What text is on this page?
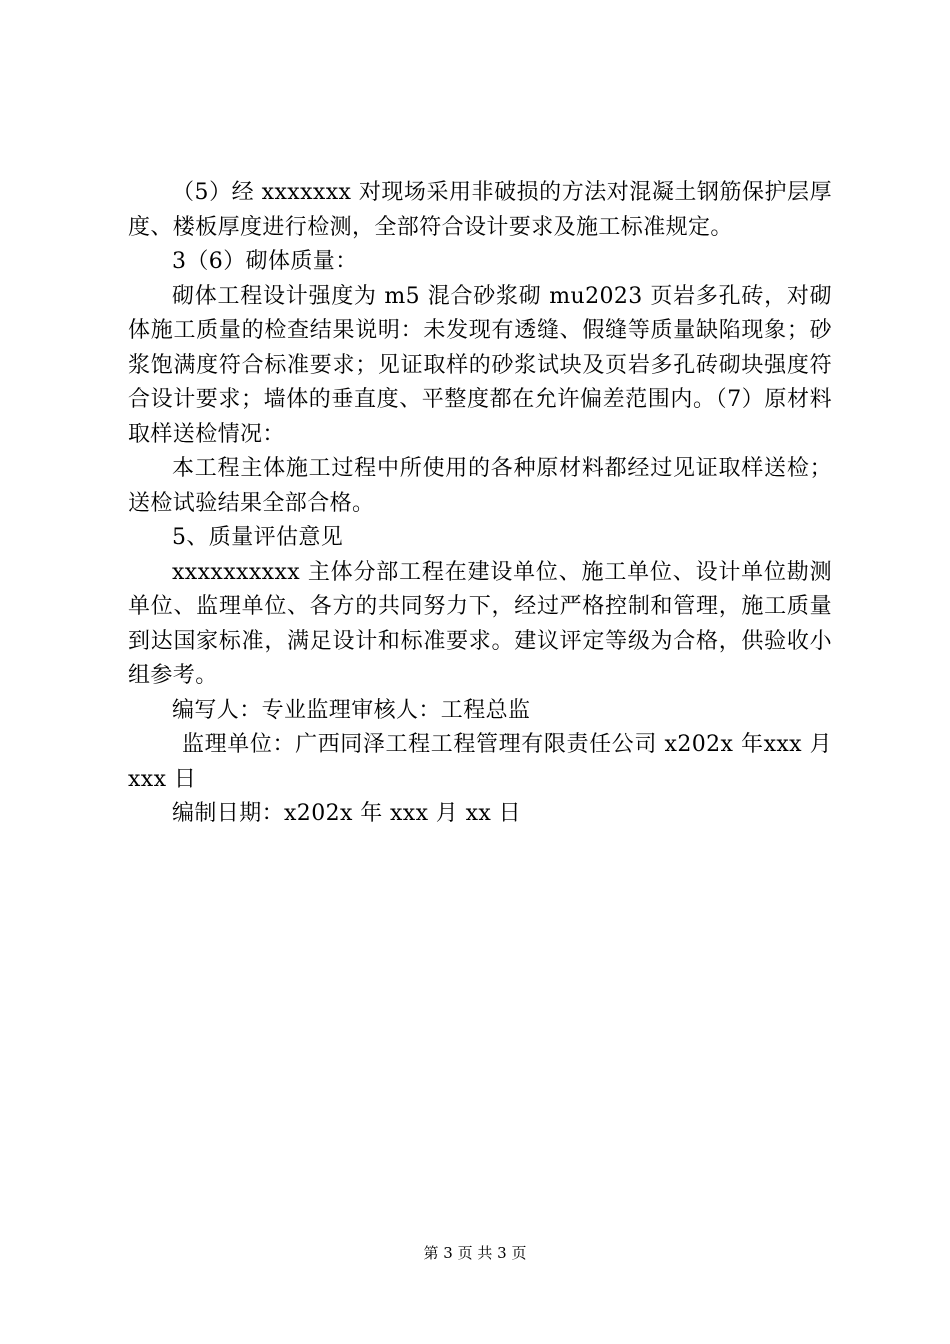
（5）经 xxxxxxx 对现场采用非破损的方法对混凝土钢筋保护层厚度、楼板厚度进行检测，全部符合设计要求及施工标准规定。

3（6）砌体质量：

砌体工程设计强度为 m5 混合砂浆砌 mu2023 页岩多孔砖，对砌体施工质量的检查结果说明：未发现有透缝、假缝等质量缺陷现象；砂浆饱满度符合标准要求；见证取样的砂浆试块及页岩多孔砖砌块强度符合设计要求；墙体的垂直度、平整度都在允许偏差范围内。（7）原材料取样送检情况：

本工程主体施工过程中所使用的各种原材料都经过见证取样送检；送检试验结果全部合格。

5、质量评估意见

xxxxxxxxxx 主体分部工程在建设单位、施工单位、设计单位勘测单位、监理单位、各方的共同努力下，经过严格控制和管理，施工质量到达国家标准，满足设计和标准要求。建议评定等级为合格，供验收小组参考。

编写人：专业监理审核人：工程总监

监理单位：广西同泽工程工程管理有限责任公司 x202x 年xxx 月 xxx 日

编制日期：x202x 年 xxx 月 xx 日

第 3 页 共 3 页
